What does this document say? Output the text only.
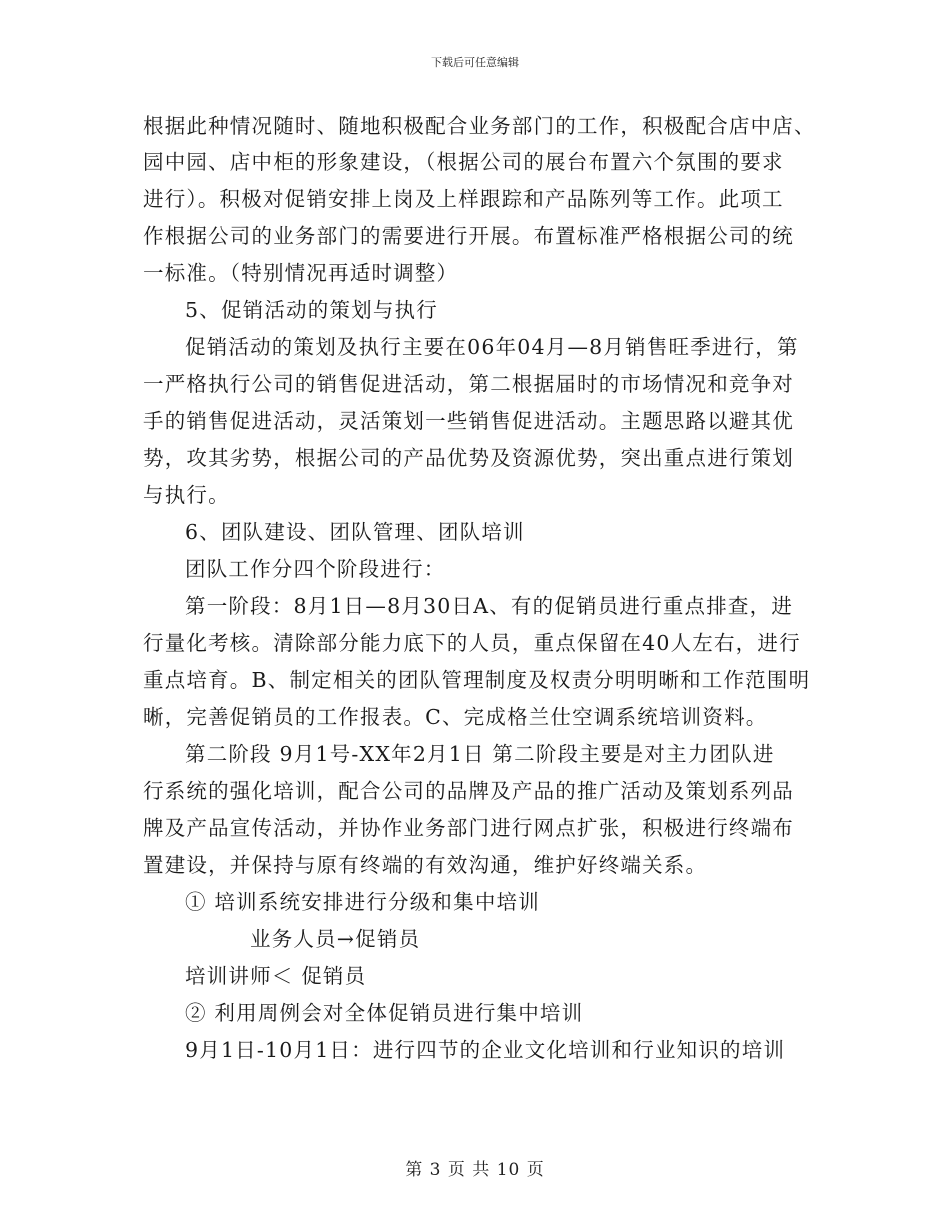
下载后可任意编辑
根据此种情况随时、随地积极配合业务部门的工作，积极配合店中店、
园中园、店中柜的形象建设，（根据公司的展台布置六个氛围的要求
进行）。积极对促销安排上岗及上样跟踪和产品陈列等工作。此项工
作根据公司的业务部门的需要进行开展。布置标准严格根据公司的统
一标准。（特别情况再适时调整）
5、促销活动的策划与执行
促销活动的策划及执行主要在06年04月—8月销售旺季进行，第
一严格执行公司的销售促进活动，第二根据届时的市场情况和竞争对
手的销售促进活动，灵活策划一些销售促进活动。主题思路以避其优
势，攻其劣势，根据公司的产品优势及资源优势，突出重点进行策划
与执行。
6、团队建设、团队管理、团队培训
团队工作分四个阶段进行：
第一阶段：8月1日—8月30日A、有的促销员进行重点排查，进
行量化考核。清除部分能力底下的人员，重点保留在40人左右，进行
重点培育。B、制定相关的团队管理制度及权责分明明晰和工作范围明
晰，完善促销员的工作报表。C、完成格兰仕空调系统培训资料。
第二阶段 9月1号-XX年2月1日 第二阶段主要是对主力团队进
行系统的强化培训，配合公司的品牌及产品的推广活动及策划系列品
牌及产品宣传活动，并协作业务部门进行网点扩张，积极进行终端布
置建设，并保持与原有终端的有效沟通，维护好终端关系。
① 培训系统安排进行分级和集中培训
业务人员→促销员
培训讲师＜ 促销员
② 利用周例会对全体促销员进行集中培训
9月1日-10月1日：进行四节的企业文化培训和行业知识的培训
第 3 页 共 10 页
